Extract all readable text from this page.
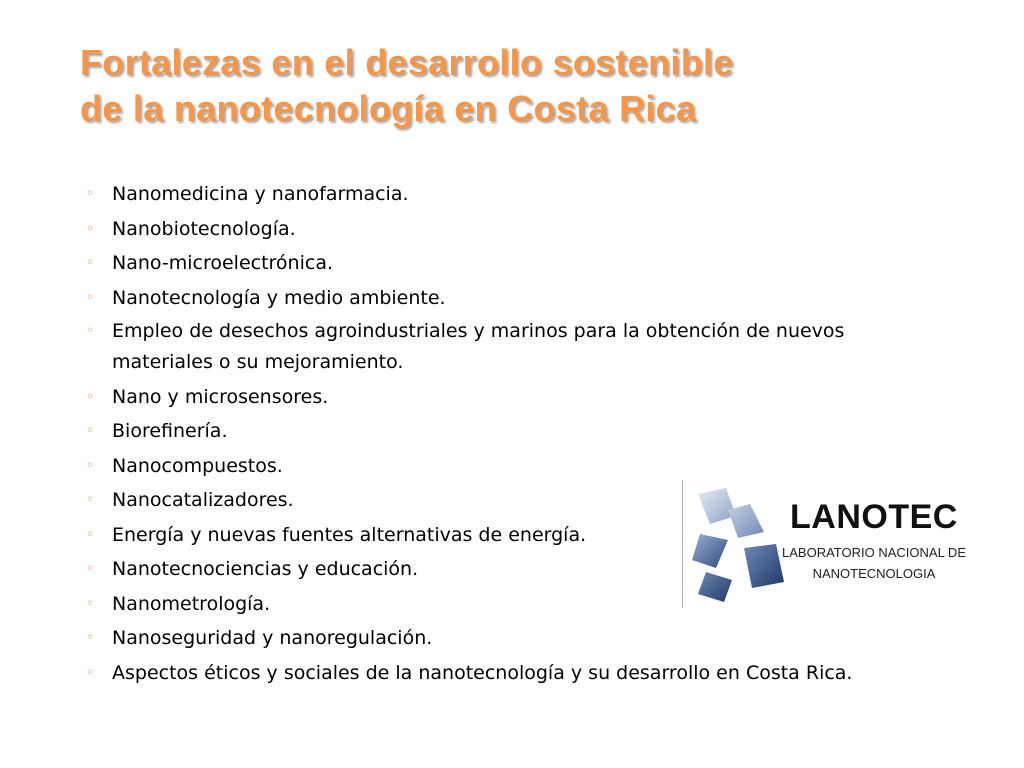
Fortalezas en el desarrollo sostenible
de la nanotecnología en Costa Rica
◦ Nanomedicina y nanofarmacia.
◦ Nanobiotecnología.
◦ Nano-microelectrónica.
◦ Nanotecnología y medio ambiente.
◦ Empleo de desechos agroindustriales y marinos para la obtención de nuevos materiales o su mejoramiento.
◦ Nano y microsensores.
◦ Biorefinería.
◦ Nanocompuestos.
◦ Nanocatalizadores.
◦ Energía y nuevas fuentes alternativas de energía.
◦ Nanotecnociencias y educación.
◦ Nanometrología.
◦ Nanoseguridad y nanoregulación.
◦ Aspectos éticos y sociales de la nanotecnología y su desarrollo en Costa Rica.
LANOTEC
LABORATORIO NACIONAL DE
NANOTECNOLOGIA
